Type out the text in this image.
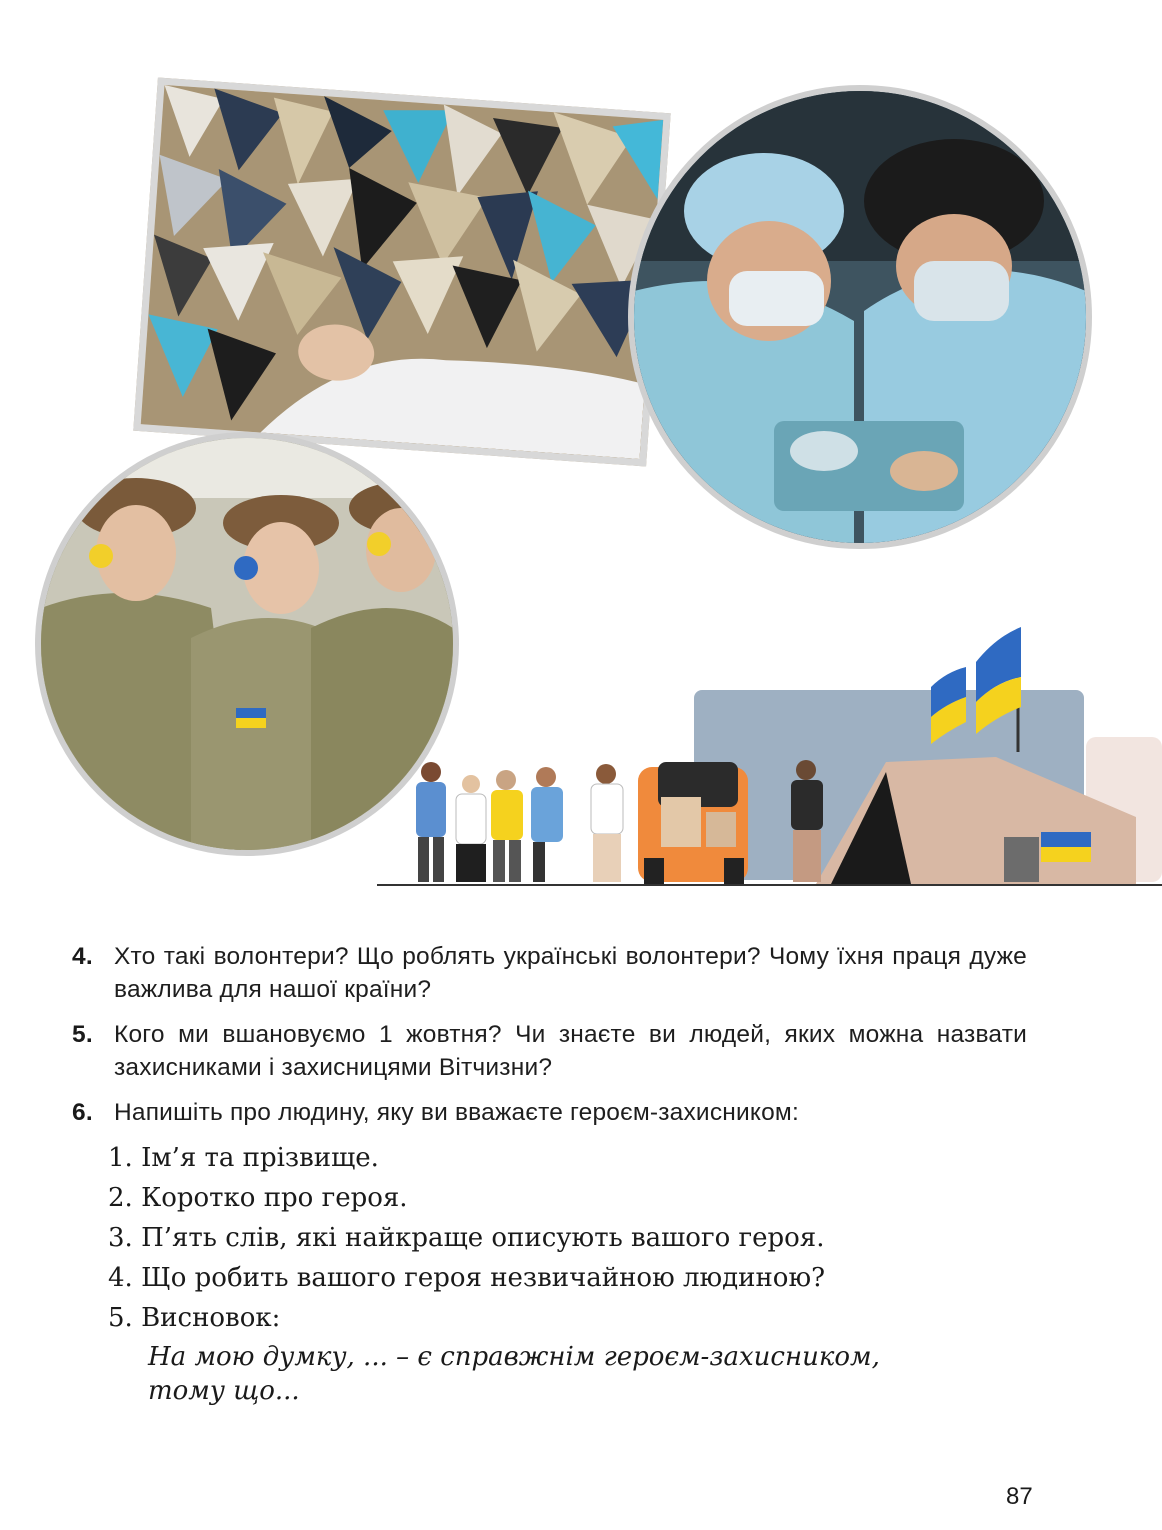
4. Хто такі волонтери? Що роблять українські волонтери? Чому їхня праця дуже важлива для нашої країни?
5. Кого ми вшановуємо 1 жовтня? Чи знаєте ви людей, яких можна назвати захисниками і захисницями Вітчизни?
6. Напишіть про людину, яку ви вважаєте героєм-захисником:
1. Ім’я та прізвище.
2. Коротко про героя.
3. П’ять слів, які найкраще описують вашого героя.
4. Що робить вашого героя незвичайною людиною?
5. Висновок:
На мою думку, ... – є справжнім героєм-захисником,
тому що...
87
